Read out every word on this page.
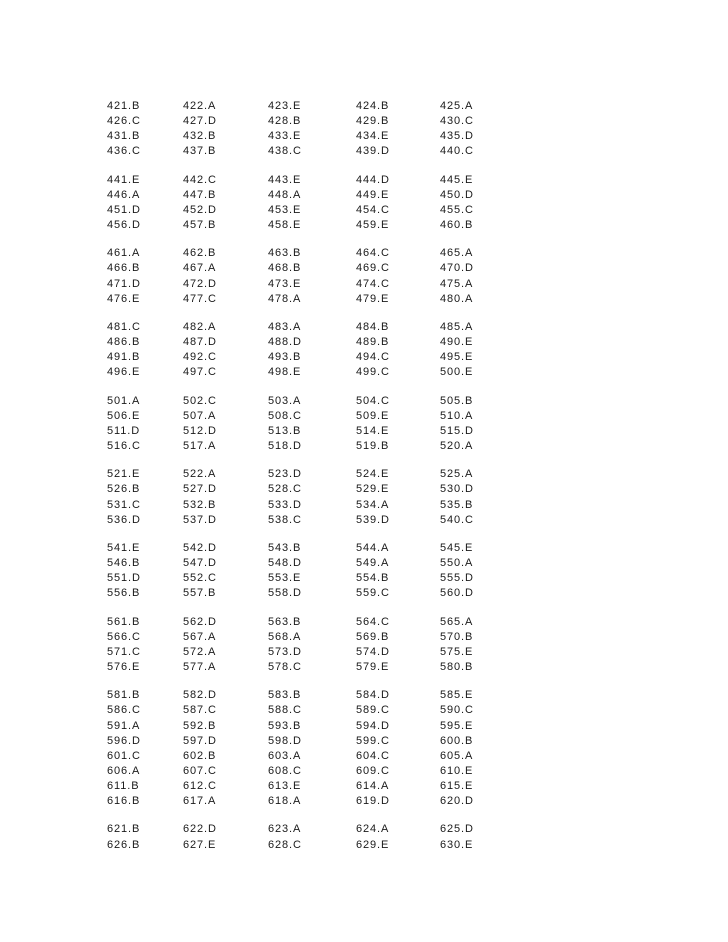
421.B	422.A	423.E	424.B	425.A
426.C	427.D	428.B	429.B	430.C
431.B	432.B	433.E	434.E	435.D
436.C	437.B	438.C	439.D	440.C
441.E	442.C	443.E	444.D	445.E
446.A	447.B	448.A	449.E	450.D
451.D	452.D	453.E	454.C	455.C
456.D	457.B	458.E	459.E	460.B
461.A	462.B	463.B	464.C	465.A
466.B	467.A	468.B	469.C	470.D
471.D	472.D	473.E	474.C	475.A
476.E	477.C	478.A	479.E	480.A
481.C	482.A	483.A	484.B	485.A
486.B	487.D	488.D	489.B	490.E
491.B	492.C	493.B	494.C	495.E
496.E	497.C	498.E	499.C	500.E
501.A	502.C	503.A	504.C	505.B
506.E	507.A	508.C	509.E	510.A
511.D	512.D	513.B	514.E	515.D
516.C	517.A	518.D	519.B	520.A
521.E	522.A	523.D	524.E	525.A
526.B	527.D	528.C	529.E	530.D
531.C	532.B	533.D	534.A	535.B
536.D	537.D	538.C	539.D	540.C
541.E	542.D	543.B	544.A	545.E
546.B	547.D	548.D	549.A	550.A
551.D	552.C	553.E	554.B	555.D
556.B	557.B	558.D	559.C	560.D
561.B	562.D	563.B	564.C	565.A
566.C	567.A	568.A	569.B	570.B
571.C	572.A	573.D	574.D	575.E
576.E	577.A	578.C	579.E	580.B
581.B	582.D	583.B	584.D	585.E
586.C	587.C	588.C	589.C	590.C
591.A	592.B	593.B	594.D	595.E
596.D	597.D	598.D	599.C	600.B
601.C	602.B	603.A	604.C	605.A
606.A	607.C	608.C	609.C	610.E
611.B	612.C	613.E	614.A	615.E
616.B	617.A	618.A	619.D	620.D
621.B	622.D	623.A	624.A	625.D
626.B	627.E	628.C	629.E	630.E
